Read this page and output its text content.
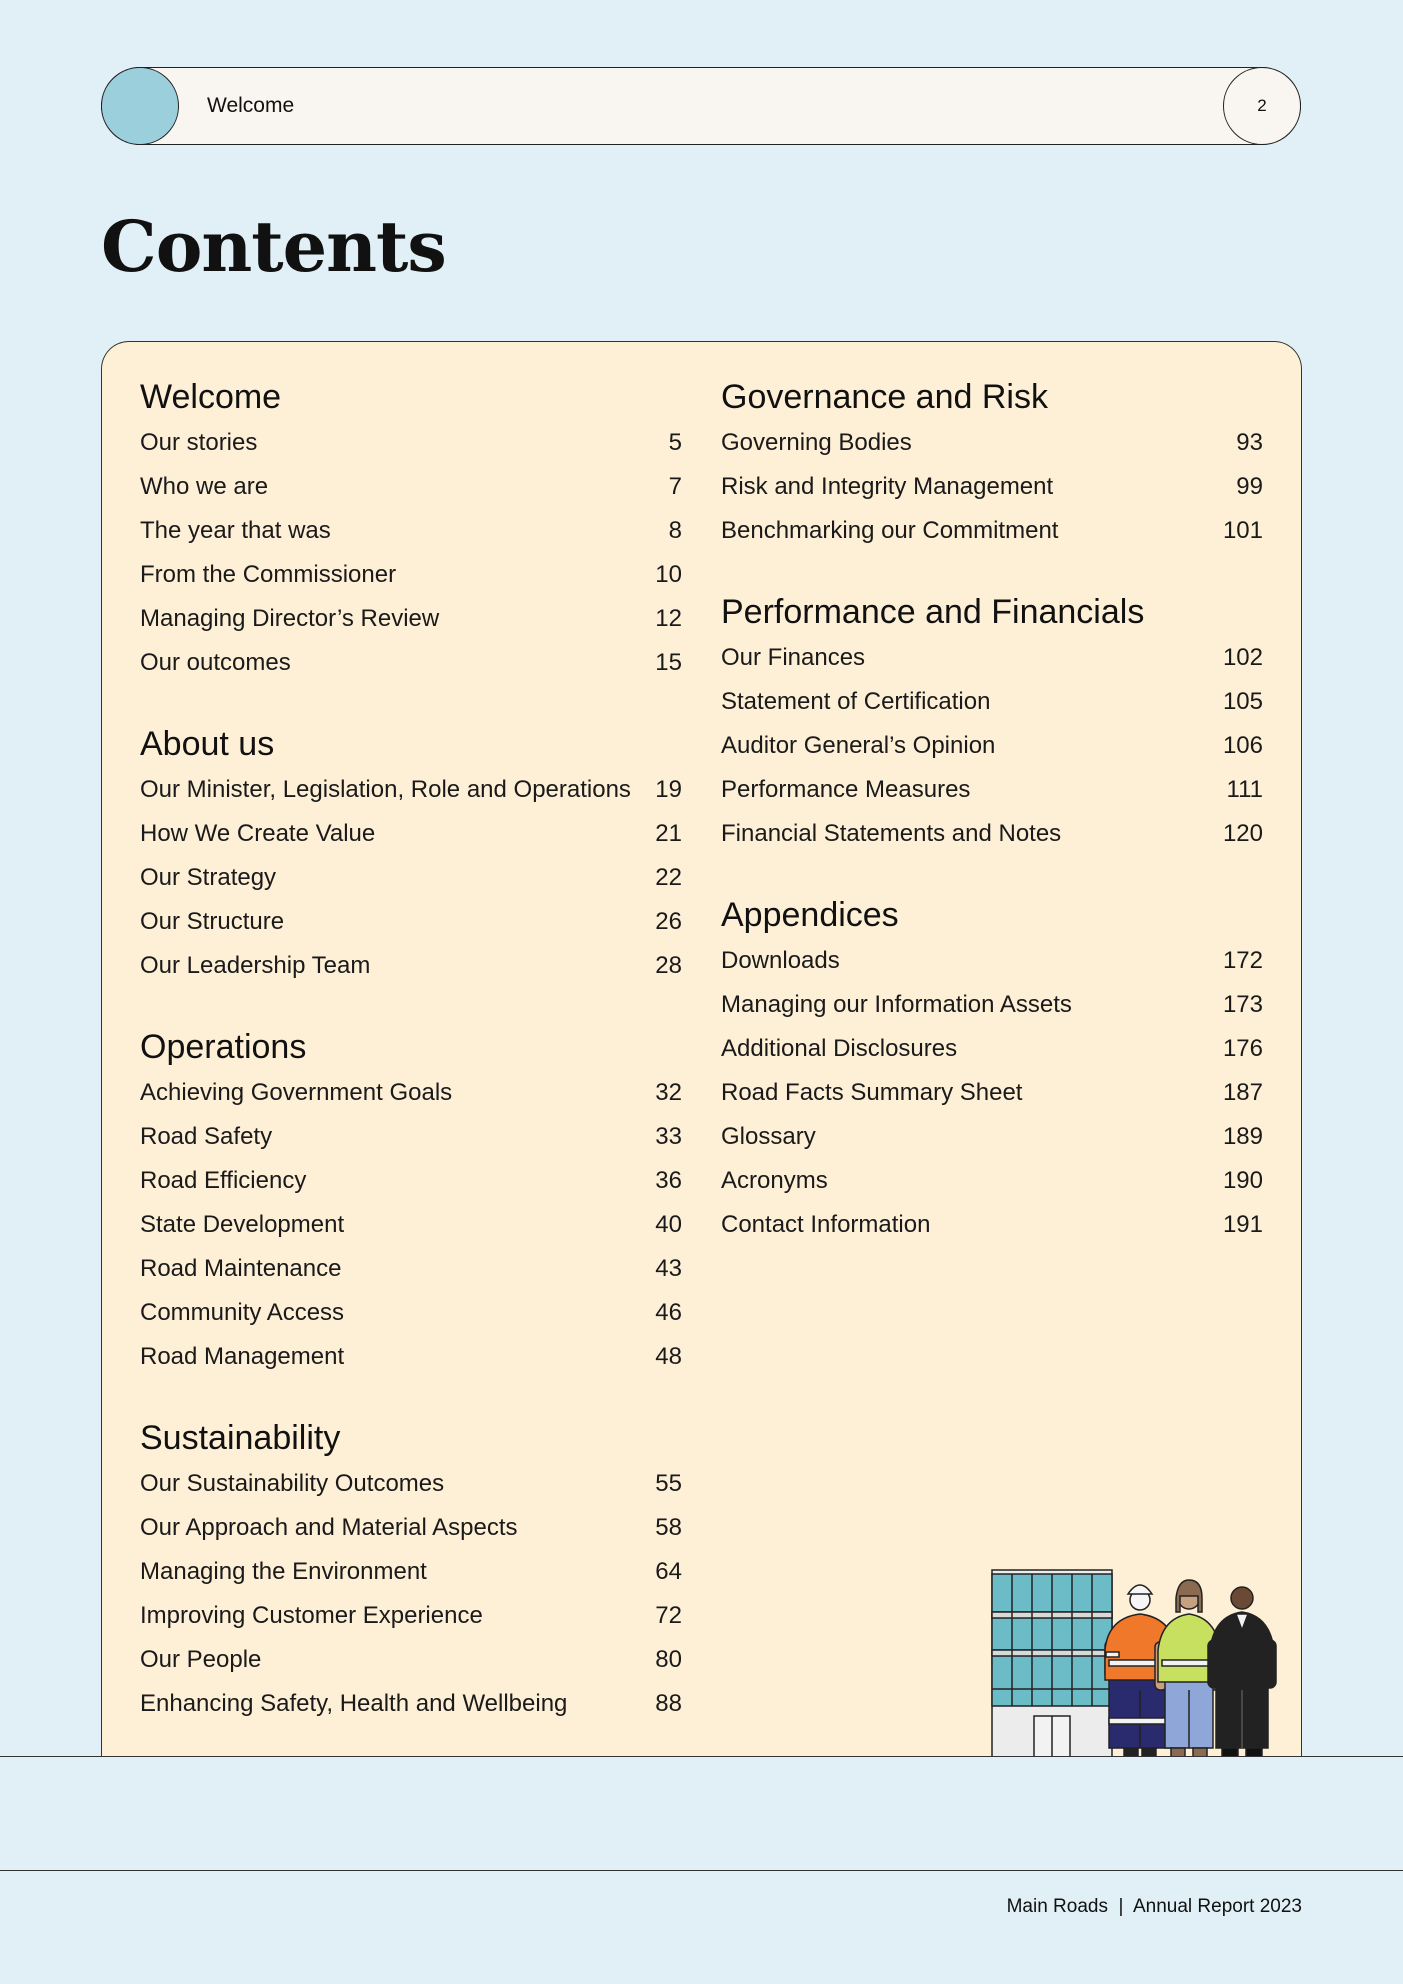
Welcome	2
Contents
Welcome
Our stories	5
Who we are	7
The year that was	8
From the Commissioner	10
Managing Director’s Review	12
Our outcomes	15
About us
Our Minister, Legislation, Role and Operations 19
How We Create Value	21
Our Strategy	22
Our Structure	26
Our Leadership Team	28
Operations
Achieving Government Goals	32
Road Safety	33
Road Efficiency	36
State Development	40
Road Maintenance	43
Community Access	46
Road Management	48
Sustainability
Our Sustainability Outcomes	55
Our Approach and Material Aspects	58
Managing the Environment	64
Improving Customer Experience	72
Our People	80
Enhancing Safety, Health and Wellbeing	88
Governance and Risk
Governing Bodies	93
Risk and Integrity Management	99
Benchmarking our Commitment	101
Performance and Financials
Our Finances	102
Statement of Certification	105
Auditor General’s Opinion	106
Performance Measures	111
Financial Statements and Notes	120
Appendices
Downloads	172
Managing our Information Assets	173
Additional Disclosures	176
Road Facts Summary Sheet	187
Glossary	189
Acronyms	190
Contact Information	191
Main Roads | Annual Report 2023
